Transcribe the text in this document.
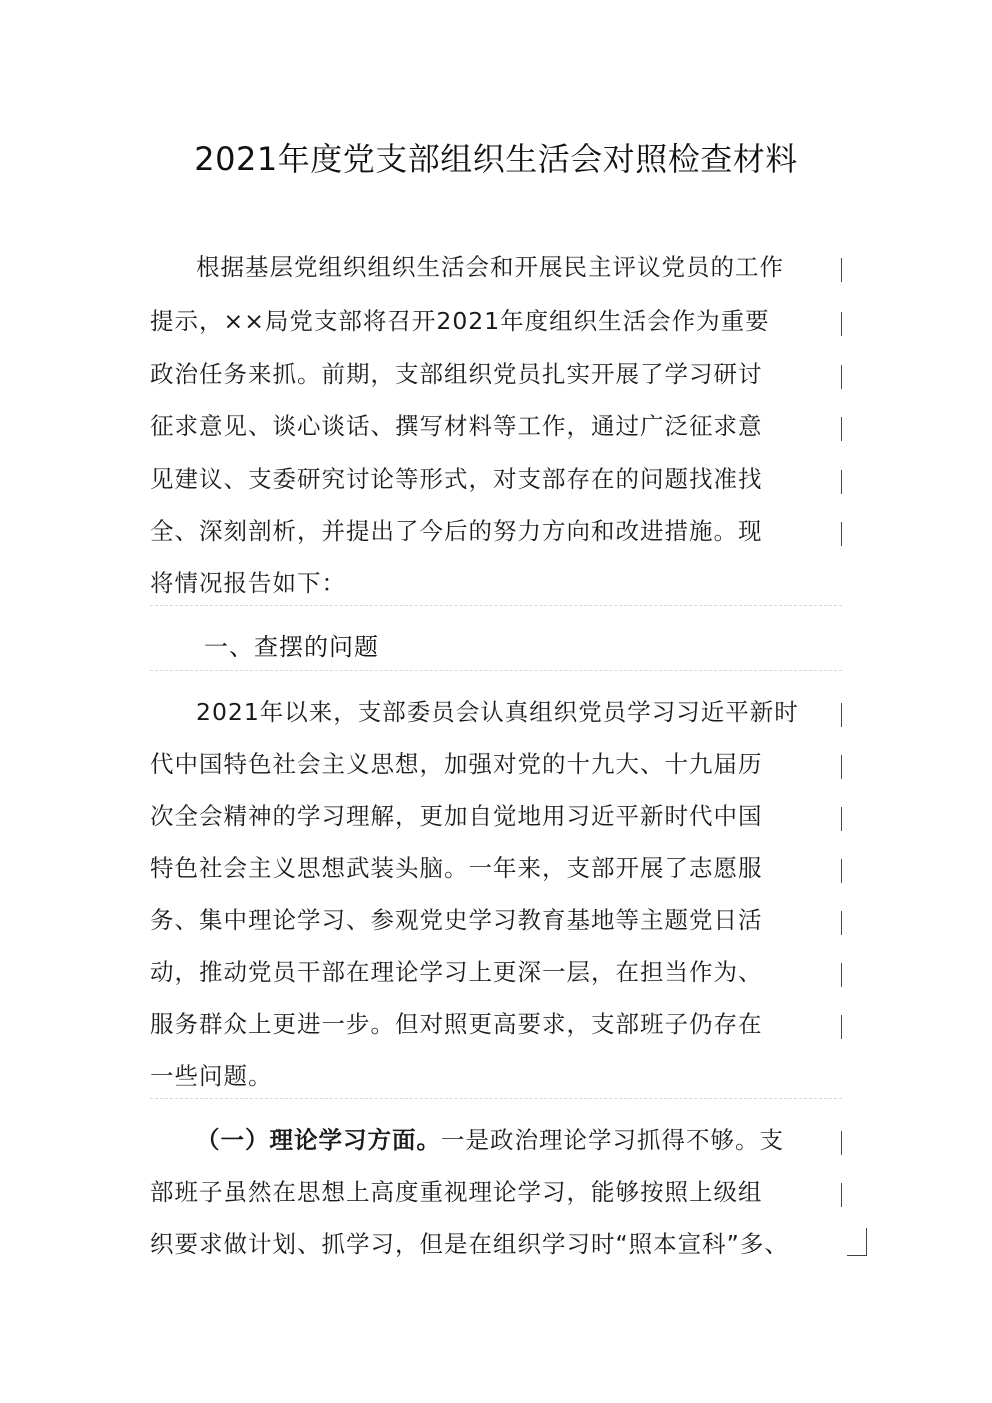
2021年度党支部组织生活会对照检查材料
根据基层党组织组织生活会和开展民主评议党员的工作
提示，××局党支部将召开2021年度组织生活会作为重要
政治任务来抓。前期，支部组织党员扎实开展了学习研讨
征求意见、谈心谈话、撰写材料等工作，通过广泛征求意
见建议、支委研究讨论等形式，对支部存在的问题找准找
全、深刻剖析，并提出了今后的努力方向和改进措施。现
将情况报告如下：
一、查摆的问题
2021年以来，支部委员会认真组织党员学习习近平新时
代中国特色社会主义思想，加强对党的十九大、十九届历
次全会精神的学习理解，更加自觉地用习近平新时代中国
特色社会主义思想武装头脑。一年来，支部开展了志愿服
务、集中理论学习、参观党史学习教育基地等主题党日活
动，推动党员干部在理论学习上更深一层，在担当作为、
服务群众上更进一步。但对照更高要求，支部班子仍存在
一些问题。
（一）理论学习方面。一是政治理论学习抓得不够。支
部班子虽然在思想上高度重视理论学习，能够按照上级组
织要求做计划、抓学习，但是在组织学习时“照本宣科”多、
